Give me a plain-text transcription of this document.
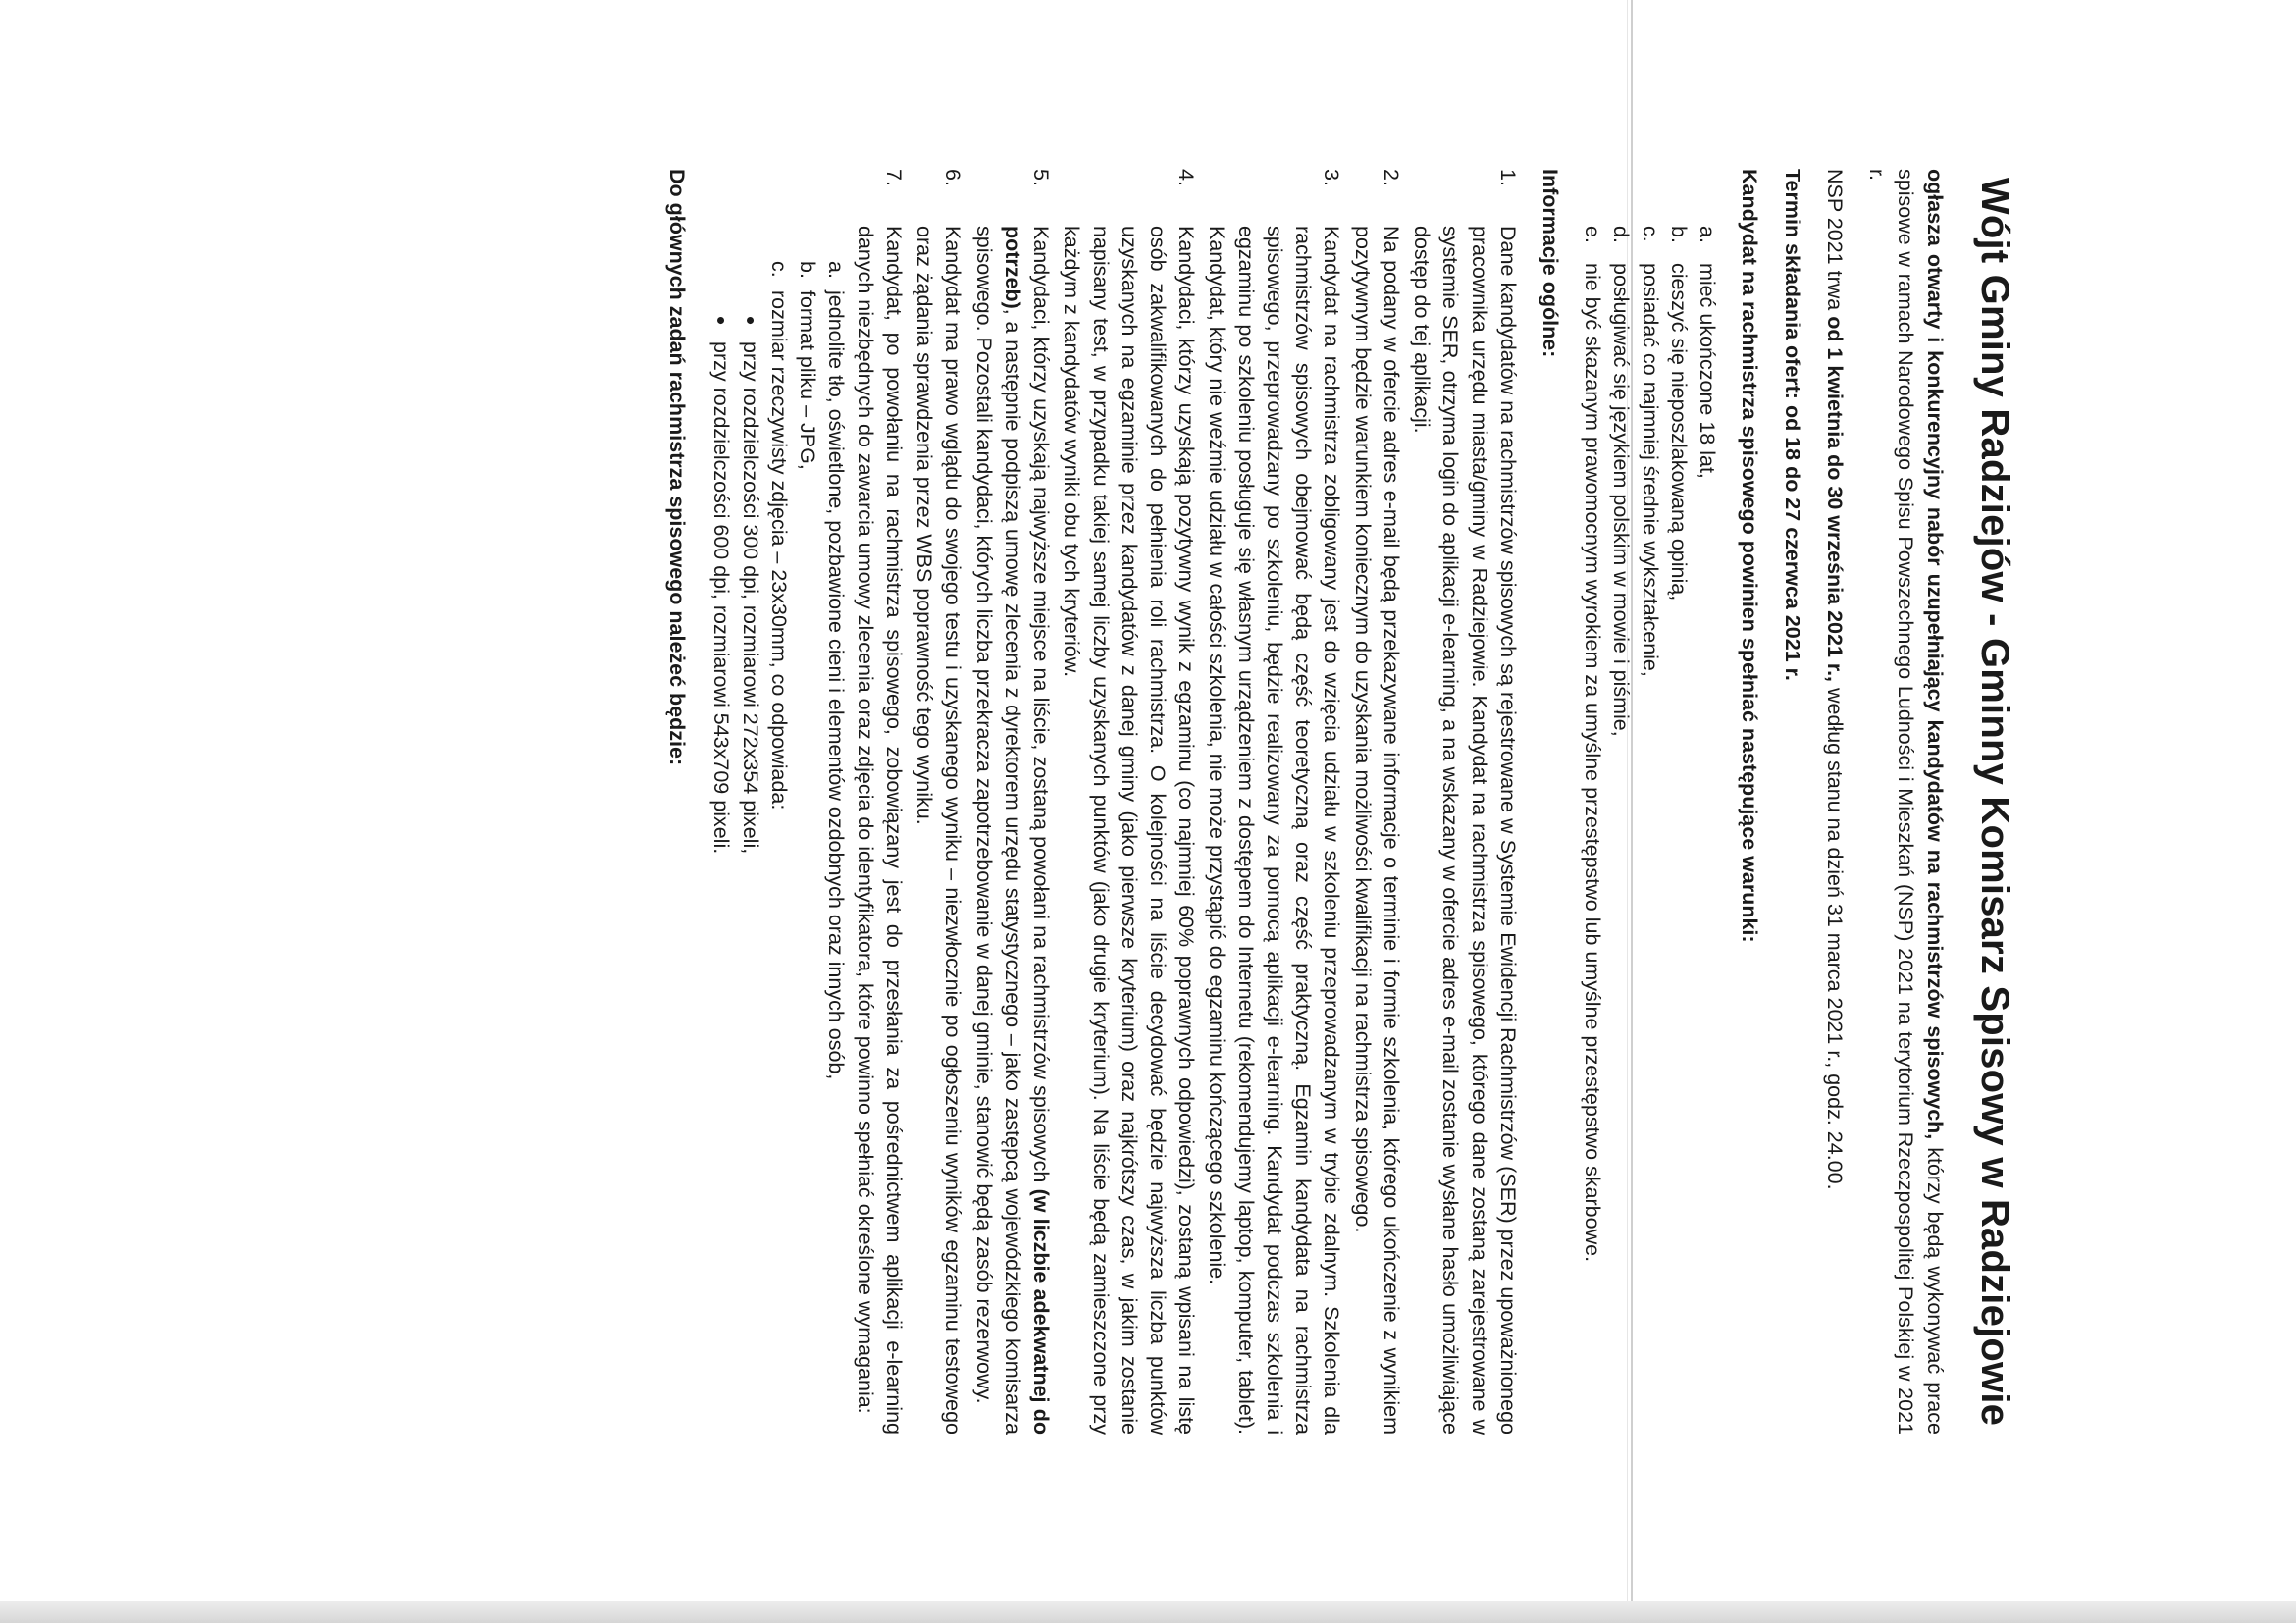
Wójt Gminy Radziejów - Gminny Komisarz Spisowy w Radziejowie

ogłasza otwarty i konkurencyjny nabór uzupełniający kandydatów na rachmistrzów spisowych, którzy będą wykonywać prace spisowe w ramach Narodowego Spisu Powszechnego Ludności i Mieszkań (NSP) 2021 na terytorium Rzeczpospolitej Polskiej w 2021 r.

NSP 2021 trwa od 1 kwietnia do 30 września 2021 r., według stanu na dzień 31 marca 2021 r., godz. 24.00.

Termin składania ofert: od 18 do 27 czerwca 2021 r.

Kandydat na rachmistrza spisowego powinien spełniać następujące warunki:

a.
mieć ukończone 18 lat,
b.
cieszyć się nieposzlakowaną opinią,
c.
posiadać co najmniej średnie wykształcenie,
d.
posługiwać się językiem polskim w mowie i piśmie,
e.
nie być skazanym prawomocnym wyrokiem za umyślne przestępstwo lub umyślne przestępstwo skarbowe.

Informacje ogólne:

1.
Dane kandydatów na rachmistrzów spisowych są rejestrowane w Systemie Ewidencji Rachmistrzów (SER) przez upoważnionego pracownika urzędu miasta/gminy w Radziejowie. Kandydat na rachmistrza spisowego, którego dane zostaną zarejestrowane w systemie SER, otrzyma login do aplikacji e-learning, a na wskazany w ofercie adres e-mail zostanie wysłane hasło umożliwiające dostęp do tej aplikacji.
2.
Na podany w ofercie adres e-mail będą przekazywane informacje o terminie i formie szkolenia, którego ukończenie z wynikiem pozytywnym będzie warunkiem koniecznym do uzyskania możliwości kwalifikacji na rachmistrza spisowego.
3.
Kandydat na rachmistrza zobligowany jest do wzięcia udziału w szkoleniu przeprowadzanym w trybie zdalnym. Szkolenia dla rachmistrzów spisowych obejmować będą część teoretyczną oraz część praktyczną. Egzamin kandydata na rachmistrza spisowego, przeprowadzany po szkoleniu, będzie realizowany za pomocą aplikacji e-learning. Kandydat podczas szkolenia i egzaminu po szkoleniu posługuje się własnym urządzeniem z dostępem do Internetu (rekomendujemy laptop, komputer, tablet). Kandydat, który nie weźmie udziału w całości szkolenia, nie może przystąpić do egzaminu kończącego szkolenie.
4.
Kandydaci, którzy uzyskają pozytywny wynik z egzaminu (co najmniej 60% poprawnych odpowiedzi), zostaną wpisani na listę osób zakwalifikowanych do pełnienia roli rachmistrza. O kolejności na liście decydować będzie najwyższa liczba punktów uzyskanych na egzaminie przez kandydatów z danej gminy (jako pierwsze kryterium) oraz najkrótszy czas, w jakim zostanie napisany test, w przypadku takiej samej liczby uzyskanych punktów (jako drugie kryterium). Na liście będą zamieszczone przy każdym z kandydatów wyniki obu tych kryteriów.
5.
Kandydaci, którzy uzyskają najwyższe miejsce na liście, zostaną powołani na rachmistrzów spisowych (w liczbie adekwatnej do potrzeb), a następnie podpiszą umowę zlecenia z dyrektorem urzędu statystycznego – jako zastępcą wojewódzkiego komisarza spisowego. Pozostali kandydaci, których liczba przekracza zapotrzebowanie w danej gminie, stanowić będą zasób rezerwowy.
6.
Kandydat ma prawo wglądu do swojego testu i uzyskanego wyniku – niezwłocznie po ogłoszeniu wyników egzaminu testowego oraz żądania sprawdzenia przez WBS poprawność tego wyniku.
7.
Kandydat, po powołaniu na rachmistrza spisowego, zobowiązany jest do przesłania za pośrednictwem aplikacji e-learning danych niezbędnych do zawarcia umowy zlecenia oraz zdjęcia do identyfikatora, które powinno spełniać określone wymagania:
a.
jednolite tło, oświetlone, pozbawione cieni i elementów ozdobnych oraz innych osób,
b.
format pliku – JPG,
c.
rozmiar rzeczywisty zdjęcia – 23x30mm, co odpowiada:
•
przy rozdzielczości 300 dpi, rozmiarowi 272x354 pixeli,
•
przy rozdzielczości 600 dpi, rozmiarowi 543x709 pixeli.

Do głównych zadań rachmistrza spisowego należeć będzie:
